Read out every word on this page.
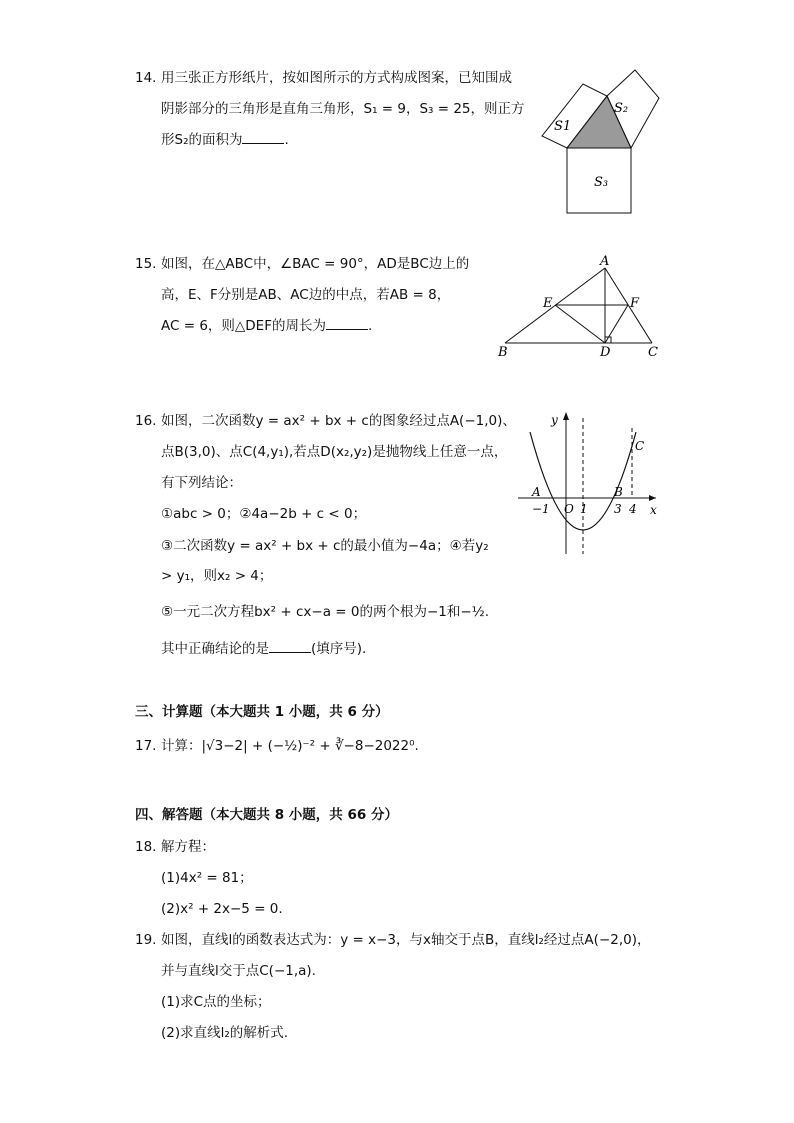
14. 用三张正方形纸片，按如图所示的方式构成图案，已知围成
阴影部分的三角形是直角三角形，S₁ = 9，S₃ = 25，则正方
形S₂的面积为	.
S1
S₂
S₃
15. 如图，在△ABC中，∠BAC = 90°，AD是BC边上的
高，E、F分别是AB、AC边的中点，若AB = 8，
AC = 6，则△DEF的周长为	.
A
B	C
D
E	F
16. 如图，二次函数y = ax² + bx + c的图象经过点A(−1,0)、
点B(3,0)、点C(4,y₁),若点D(x₂,y₂)是抛物线上任意一点，
有下列结论：
①abc > 0；②4a−2b + c < 0；
③二次函数y = ax² + bx + c的最小值为−4a；④若y₂
> y₁，则x₂ > 4；
⑤一元二次方程bx² + cx−a = 0的两个根为−1和−½.
其中正确结论的是	(填序号).
y
x
A	B
C
O
−1	1 3 4
三、计算题（本大题共 1 小题，共 6 分）
17. 计算：|√3−2| + (−½)⁻² + ∛−8−2022⁰.
四、解答题（本大题共 8 小题，共 66 分）
18. 解方程：
(1)4x² = 81；
(2)x² + 2x−5 = 0.
19. 如图，直线l的函数表达式为：y = x−3，与x轴交于点B，直线l₂经过点A(−2,0)，
并与直线l交于点C(−1,a).
(1)求C点的坐标；
(2)求直线l₂的解析式.
